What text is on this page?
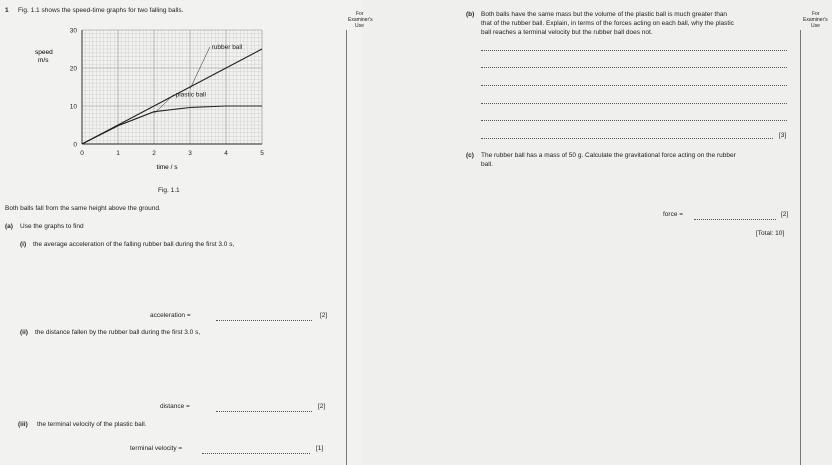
1 Fig. 1.1 shows the speed-time graphs for two falling balls.
0	1	2	3	4	5
0
10
20
30
rubber ball
plastic ball
speed
m/s
time / s
Fig. 1.1
Both balls fall from the same height above the ground.
(a) Use the graphs to find
(i) the average acceleration of the falling rubber ball during the first 3.0 s,
acceleration =	[2]
(ii) the distance fallen by the rubber ball during the first 3.0 s,
distance =	[2]
(iii) the terminal velocity of the plastic ball.
terminal velocity =	[1]
For
Examiner's
Use
(b) Both balls have the same mass but the volume of the plastic ball is much greater than
that of the rubber ball. Explain, in terms of the forces acting on each ball, why the plastic
ball reaches a terminal velocity but the rubber ball does not.
[3]
(c) The rubber ball has a mass of 50 g. Calculate the gravitational force acting on the rubber
ball.
force =	[2]
[Total: 10]
For
Examiner's
Use
